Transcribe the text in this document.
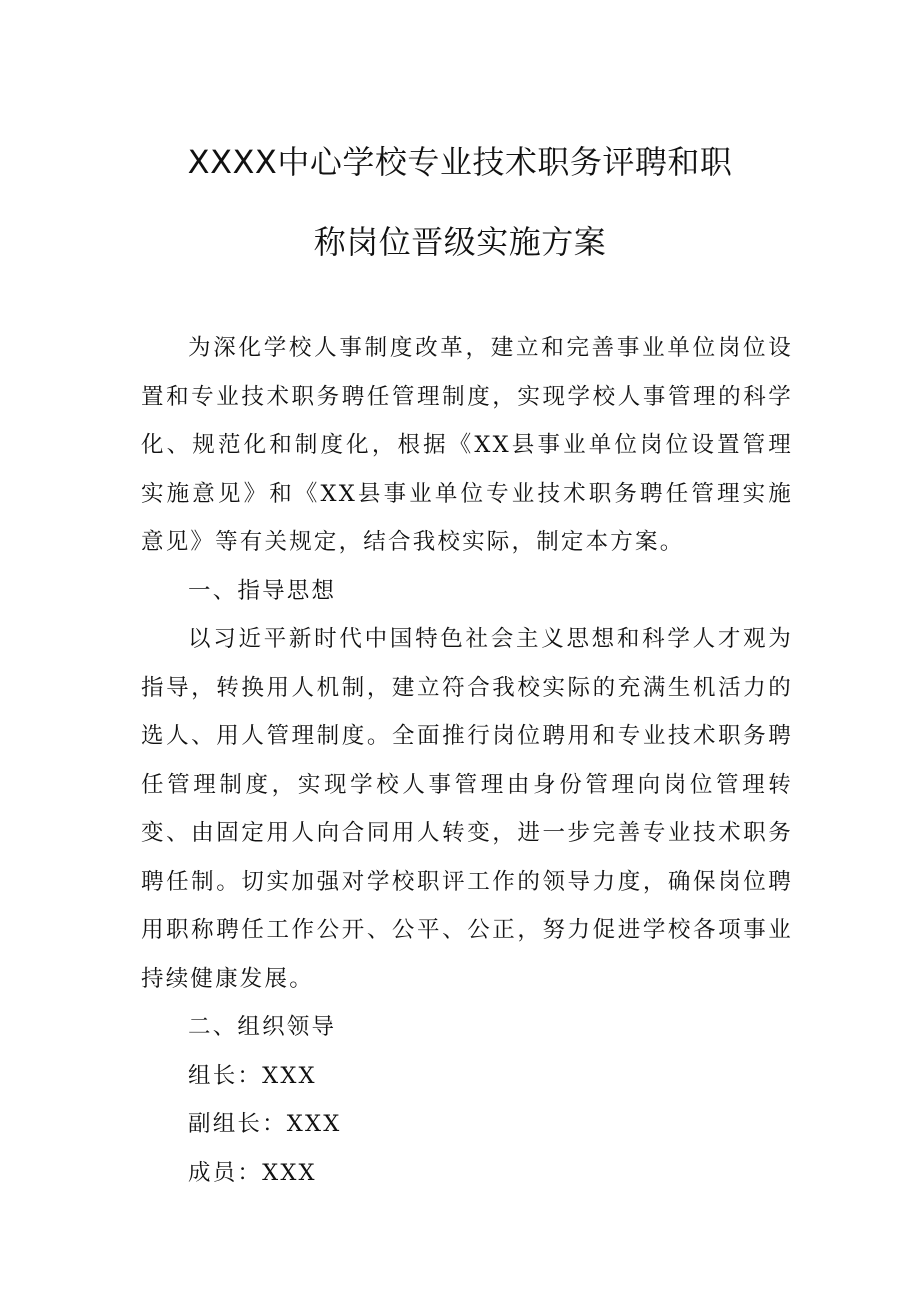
XXXX中心学校专业技术职务评聘和职
称岗位晋级实施方案

为深化学校人事制度改革，建立和完善事业单位岗位设置和专业技术职务聘任管理制度，实现学校人事管理的科学化、规范化和制度化，根据《XX县事业单位岗位设置管理实施意见》和《XX县事业单位专业技术职务聘任管理实施意见》等有关规定，结合我校实际，制定本方案。

一、指导思想

以习近平新时代中国特色社会主义思想和科学人才观为指导，转换用人机制，建立符合我校实际的充满生机活力的选人、用人管理制度。全面推行岗位聘用和专业技术职务聘任管理制度，实现学校人事管理由身份管理向岗位管理转变、由固定用人向合同用人转变，进一步完善专业技术职务聘任制。切实加强对学校职评工作的领导力度，确保岗位聘用职称聘任工作公开、公平、公正，努力促进学校各项事业持续健康发展。

二、组织领导

组长：XXX

副组长：XXX

成员：XXX
